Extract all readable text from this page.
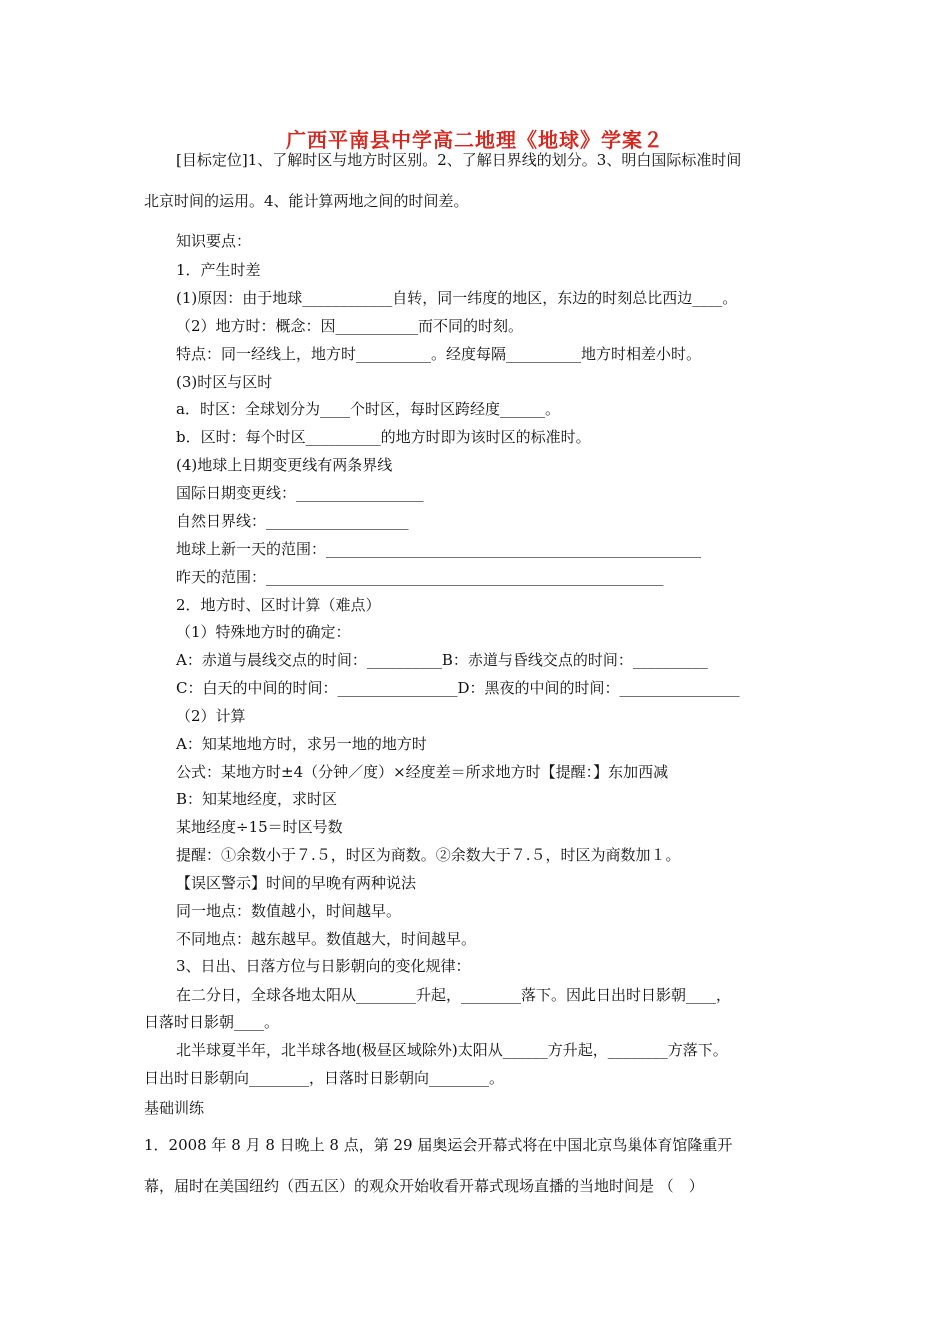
广西平南县中学高二地理《地球》学案２
[目标定位]1、了解时区与地方时区别。2、了解日界线的划分。3、明白国际标准时间
北京时间的运用。4、能计算两地之间的时间差。
知识要点：
1．产生时差
(1)原因：由于地球____________自转，同一纬度的地区，东边的时刻总比西边____。
（2）地方时：概念：因___________而不同的时刻。
特点：同一经线上，地方时__________。经度每隔__________地方时相差小时。
(3)时区与区时
a．时区：全球划分为____个时区，每时区跨经度______。
b．区时：每个时区__________的地方时即为该时区的标准时。
(4)地球上日期变更线有两条界线
国际日期变更线：_________________
自然日界线：___________________
地球上新一天的范围：__________________________________________________
昨天的范围：_____________________________________________________
2．地方时、区时计算（难点）
（1）特殊地方时的确定：
A：赤道与晨线交点的时间：__________B：赤道与昏线交点的时间：__________
C：白天的中间的时间：________________D：黑夜的中间的时间：________________
（2）计算
A：知某地地方时，求另一地的地方时
公式：某地方时±4（分钟／度）×经度差＝所求地方时【提醒：】东加西减
B：知某地经度，求时区
某地经度÷15＝时区号数
提醒：①余数小于７.５，时区为商数。②余数大于７.５，时区为商数加１。
【误区警示】时间的早晚有两种说法
同一地点：数值越小，时间越早。
不同地点：越东越早。数值越大，时间越早。
3、日出、日落方位与日影朝向的变化规律：
在二分日，全球各地太阳从________升起，________落下。因此日出时日影朝____，
日落时日影朝____。
北半球夏半年，北半球各地(极昼区域除外)太阳从______方升起，________方落下。
日出时日影朝向________，日落时日影朝向________。
基础训练
1．2008 年 8 月 8 日晚上 8 点，第 29 届奥运会开幕式将在中国北京鸟巢体育馆隆重开
幕，届时在美国纽约（西五区）的观众开始收看开幕式现场直播的当地时间是 （　）
